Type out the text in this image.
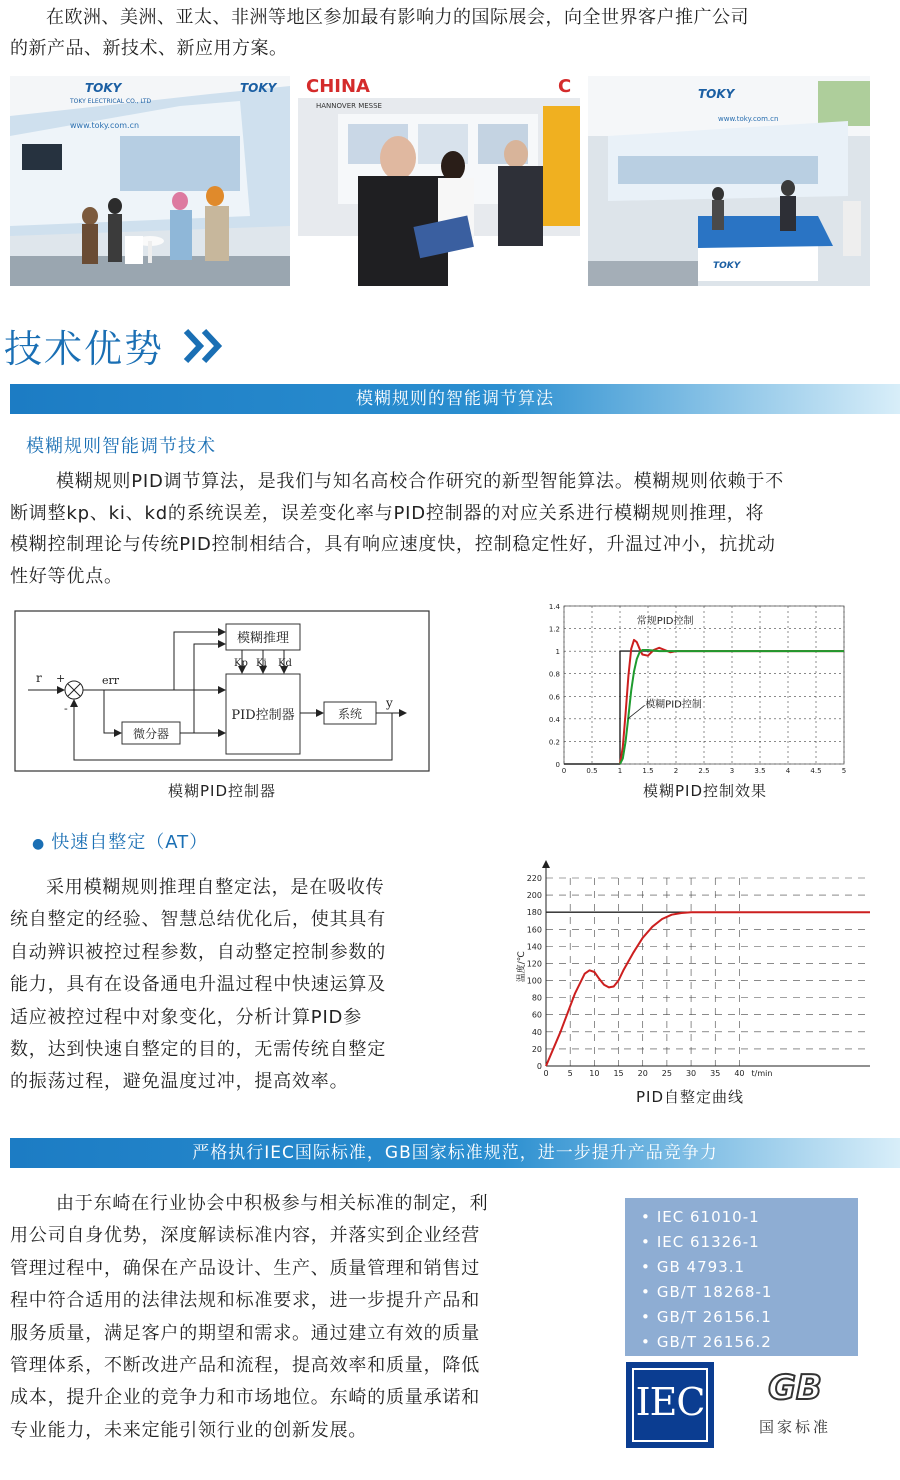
在欧洲、美洲、亚太、非洲等地区参加最有影响力的国际展会，向全世界客户推广公司
的新产品、新技术、新应用方案。
TOKY	TOKY
TOKY ELECTRICAL CO., LTD
www.toky.com.cn
CHINA	C
HANNOVER MESSE
TOKY
www.toky.com.cn
TOKY
技术优势
模糊规则的智能调节算法
模糊规则智能调节技术
模糊规则PID调节算法，是我们与知名高校合作研究的新型智能算法。模糊规则依赖于不
断调整kp、ki、kd的系统误差，误差变化率与PID控制器的对应关系进行模糊规则推理，将
模糊控制理论与传统PID控制相结合，具有响应速度快，控制稳定性好，升温过冲小，抗扰动
性好等优点。
模糊推理
PID控制器
微分器
系统
Kp Ki Kd
r +
-
err
y
模糊PID控制器
0
0.2
0.4
0.6
0.8
1
1.2
1.4
0	0.5	1	1.5	2	2.5	3	3.5	4	4.5	5
常规PID控制
模糊PID控制
模糊PID控制效果
● 快速自整定（AT）
采用模糊规则推理自整定法，是在吸收传
统自整定的经验、智慧总结优化后，使其具有
自动辨识被控过程参数，自动整定控制参数的
能力，具有在设备通电升温过程中快速运算及
适应被控过程中对象变化，分析计算PID参
数，达到快速自整定的目的，无需传统自整定
的振荡过程，避免温度过冲，提高效率。
0
20
40
60
80
100
120
140
160
180
200
220
0 5 10 15 20 25 30 35 40 t/min
温度/℃
PID自整定曲线
严格执行IEC国际标准，GB国家标准规范，进一步提升产品竞争力
由于东崎在行业协会中积极参与相关标准的制定，利
用公司自身优势，深度解读标准内容，并落实到企业经营
管理过程中，确保在产品设计、生产、质量管理和销售过
程中符合适用的法律法规和标准要求，进一步提升产品和
服务质量，满足客户的期望和需求。通过建立有效的质量
管理体系，不断改进产品和流程，提高效率和质量，降低
成本，提升企业的竞争力和市场地位。东崎的质量承诺和
专业能力，未来定能引领行业的创新发展。
• IEC 61010-1
• IEC 61326-1
• GB 4793.1
• GB/T 18268-1
• GB/T 26156.1
• GB/T 26156.2
IEC	GB
国家标准
